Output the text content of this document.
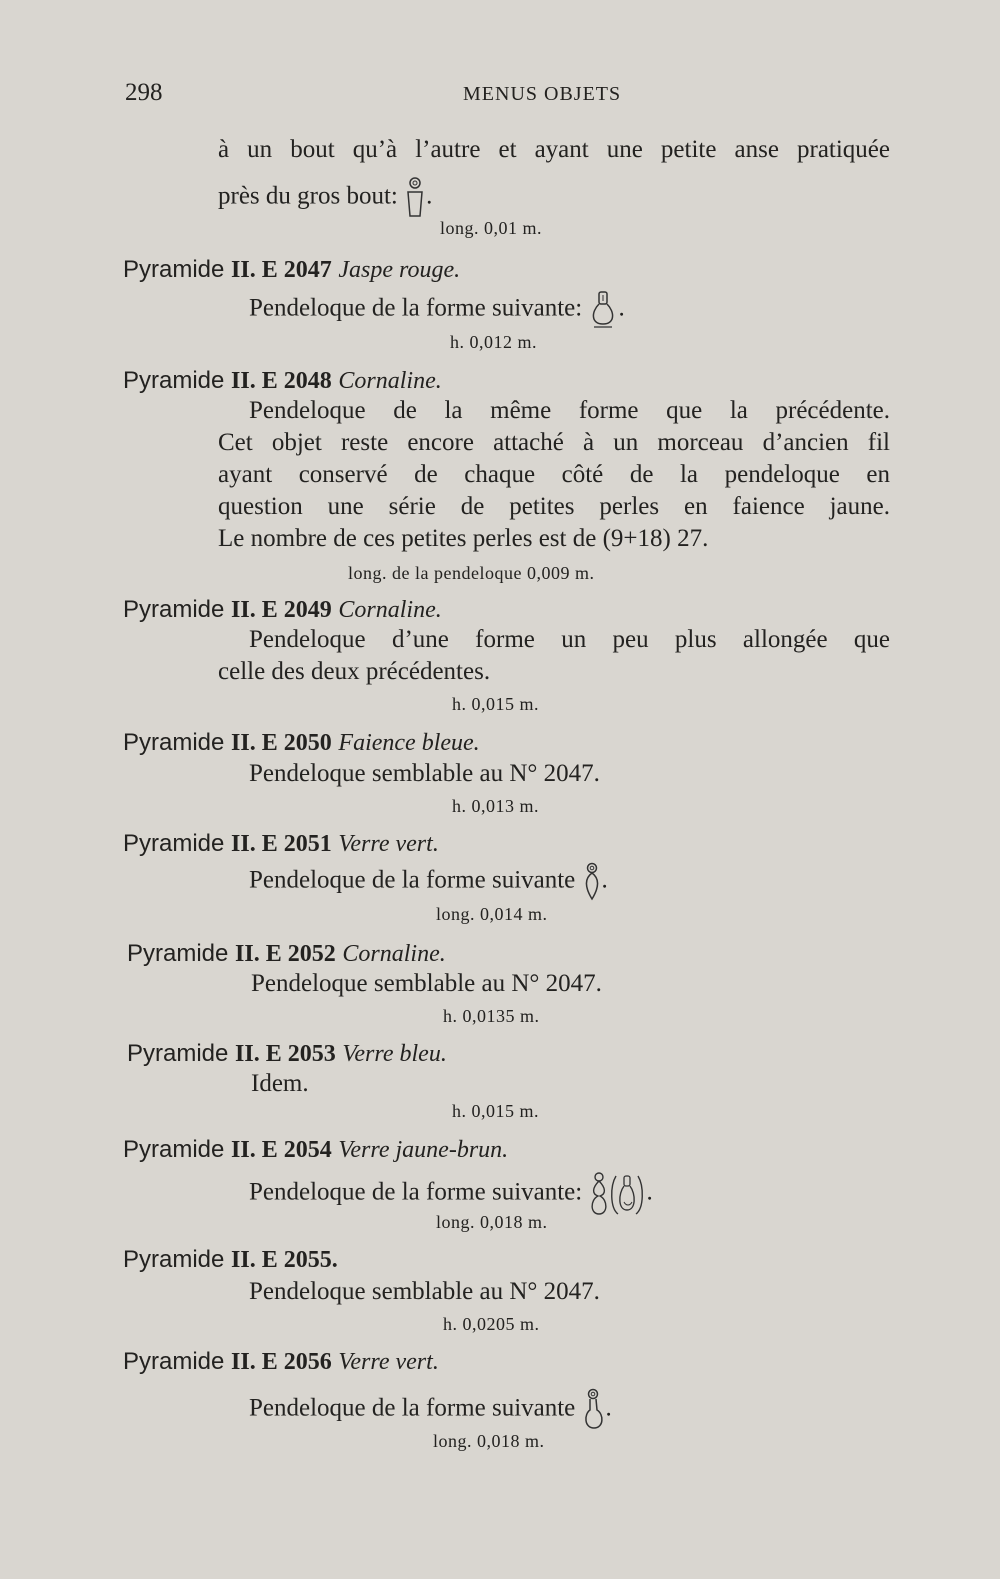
298	MENUS OBJETS
à un bout qu’à l’autre et ayant une petite anse pratiquée
près du gros bout: .
long. 0,01 m.
Pyramide II. E 2047 Jaspe rouge.
Pendeloque de la forme suivante: .
h. 0,012 m.
Pyramide II. E 2048 Cornaline.
Pendeloque de la même forme que la précédente.
Cet objet reste encore attaché à un morceau d’ancien fil
ayant conservé de chaque côté de la pendeloque en
question une série de petites perles en faience jaune.
Le nombre de ces petites perles est de (9+18) 27.
long. de la pendeloque 0,009 m.
Pyramide II. E 2049 Cornaline.
Pendeloque d’une forme un peu plus allongée que
celle des deux précédentes.
h. 0,015 m.
Pyramide II. E 2050 Faience bleue.
Pendeloque semblable au N° 2047.
h. 0,013 m.
Pyramide II. E 2051 Verre vert.
Pendeloque de la forme suivante .
long. 0,014 m.
Pyramide II. E 2052 Cornaline.
Pendeloque semblable au N° 2047.
h. 0,0135 m.
Pyramide II. E 2053 Verre bleu.
Idem.
h. 0,015 m.
Pyramide II. E 2054 Verre jaune-brun.
Pendeloque de la forme suivante:	.
long. 0,018 m.
Pyramide II. E 2055.
Pendeloque semblable au N° 2047.
h. 0,0205 m.
Pyramide II. E 2056 Verre vert.
Pendeloque de la forme suivante .
long. 0,018 m.
